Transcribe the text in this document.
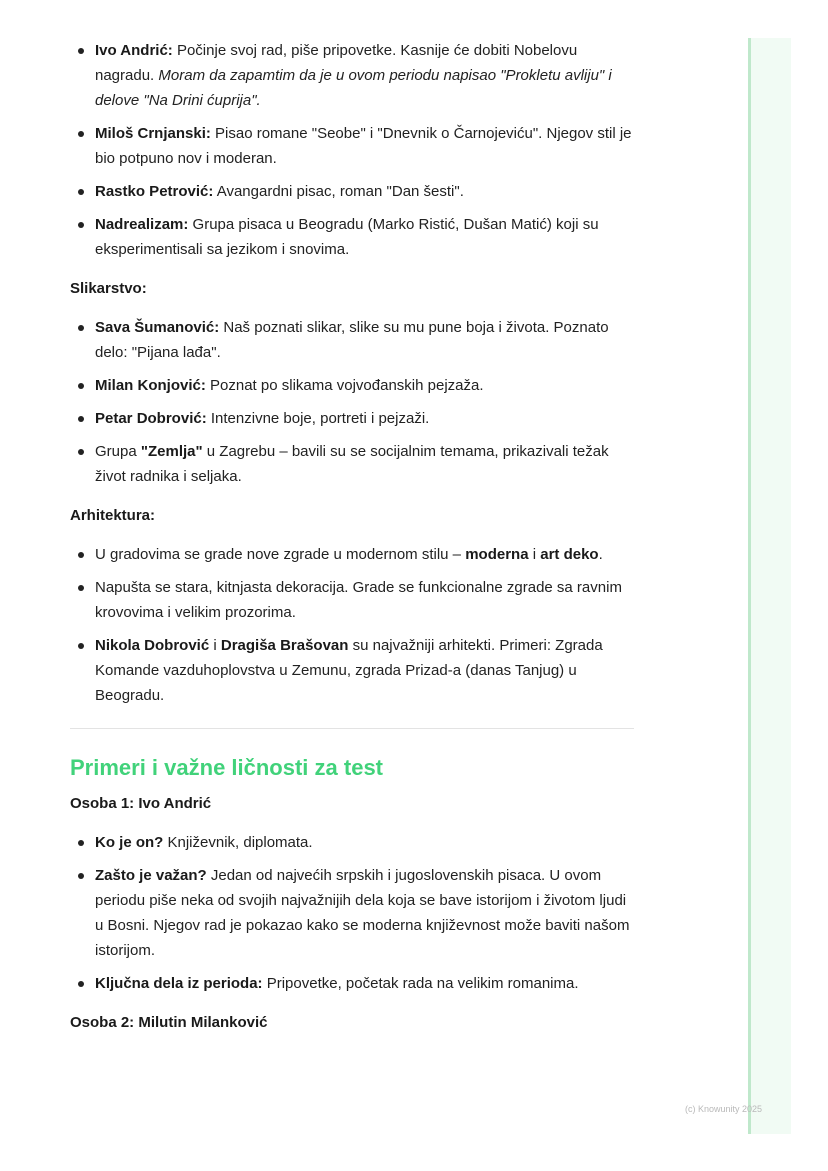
Ivo Andrić: Počinje svoj rad, piše pripovetke. Kasnije će dobiti Nobelovu nagradu. Moram da zapamtim da je u ovom periodu napisao "Prokletu avliju" i delove "Na Drini ćuprija".
Miloš Crnjanski: Pisao romane "Seobe" i "Dnevnik o Čarnojeviću". Njegov stil je bio potpuno nov i moderan.
Rastko Petrović: Avangardni pisac, roman "Dan šesti".
Nadrealizam: Grupa pisaca u Beogradu (Marko Ristić, Dušan Matić) koji su eksperimentisali sa jezikom i snovima.
Slikarstvo:
Sava Šumanović: Naš poznati slikar, slike su mu pune boja i života. Poznato delo: "Pijana lađa".
Milan Konjović: Poznat po slikama vojvođanskih pejzaža.
Petar Dobrović: Intenzivne boje, portreti i pejzaži.
Grupa "Zemlja" u Zagrebu – bavili su se socijalnim temama, prikazivali težak život radnika i seljaka.
Arhitektura:
U gradovima se grade nove zgrade u modernom stilu – moderna i art deko.
Napušta se stara, kitnjasta dekoracija. Grade se funkcionalne zgrade sa ravnim krovovima i velikim prozorima.
Nikola Dobrović i Dragiša Brašovan su najvažniji arhitekti. Primeri: Zgrada Komande vazduhoplovstva u Zemunu, zgrada Prizad-a (danas Tanjug) u Beogradu.
Primeri i važne ličnosti za test
Osoba 1: Ivo Andrić
Ko je on? Književnik, diplomata.
Zašto je važan? Jedan od najvećih srpskih i jugoslovenskih pisaca. U ovom periodu piše neka od svojih najvažnijih dela koja se bave istorijom i životom ljudi u Bosni. Njegov rad je pokazao kako se moderna književnost može baviti našom istorijom.
Ključna dela iz perioda: Pripovetke, početak rada na velikim romanima.
Osoba 2: Milutin Milanković
(c) Knowunity 2025
